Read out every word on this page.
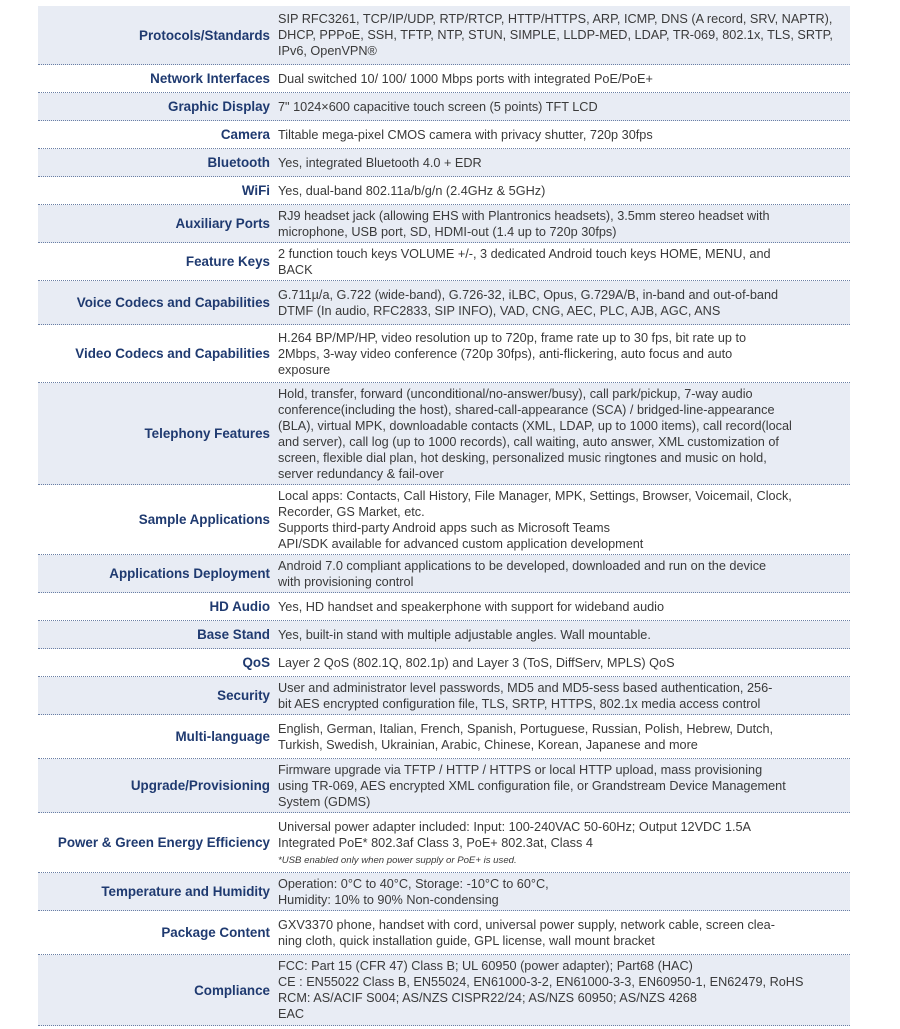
Protocols/Standards
SIP RFC3261, TCP/IP/UDP, RTP/RTCP, HTTP/HTTPS, ARP, ICMP, DNS (A record, SRV, NAPTR),
DHCP, PPPoE, SSH, TFTP, NTP, STUN, SIMPLE, LLDP-MED, LDAP, TR-069, 802.1x, TLS, SRTP,
IPv6, OpenVPN®
Network Interfaces Dual switched 10/ 100/ 1000 Mbps ports with integrated PoE/PoE+
Graphic Display 7" 1024×600 capacitive touch screen (5 points) TFT LCD
Camera Tiltable mega-pixel CMOS camera with privacy shutter, 720p 30fps
Bluetooth Yes, integrated Bluetooth 4.0 + EDR
WiFi Yes, dual-band 802.11a/b/g/n (2.4GHz & 5GHz)
Auxiliary Ports
RJ9 headset jack (allowing EHS with Plantronics headsets), 3.5mm stereo headset with
microphone, USB port, SD, HDMI-out (1.4 up to 720p 30fps)
Feature Keys
2 function touch keys VOLUME +/-, 3 dedicated Android touch keys HOME, MENU, and
BACK
Voice Codecs and Capabilities
G.711µ/a, G.722 (wide-band), G.726-32, iLBC, Opus, G.729A/B, in-band and out-of-band
DTMF (In audio, RFC2833, SIP INFO), VAD, CNG, AEC, PLC, AJB, AGC, ANS
Video Codecs and Capabilities
H.264 BP/MP/HP, video resolution up to 720p, frame rate up to 30 fps, bit rate up to
2Mbps, 3-way video conference (720p 30fps), anti-flickering, auto focus and auto
exposure
Telephony Features
Hold, transfer, forward (unconditional/no-answer/busy), call park/pickup, 7-way audio
conference(including the host), shared-call-appearance (SCA) / bridged-line-appearance
(BLA), virtual MPK, downloadable contacts (XML, LDAP, up to 1000 items), call record(local
and server), call log (up to 1000 records), call waiting, auto answer, XML customization of
screen, flexible dial plan, hot desking, personalized music ringtones and music on hold,
server redundancy & fail-over
Sample Applications
Local apps: Contacts, Call History, File Manager, MPK, Settings, Browser, Voicemail, Clock,
Recorder, GS Market, etc.
Supports third-party Android apps such as Microsoft Teams
API/SDK available for advanced custom application development
Applications Deployment
Android 7.0 compliant applications to be developed, downloaded and run on the device
with provisioning control
HD Audio Yes, HD handset and speakerphone with support for wideband audio
Base Stand Yes, built-in stand with multiple adjustable angles. Wall mountable.
QoS Layer 2 QoS (802.1Q, 802.1p) and Layer 3 (ToS, DiffServ, MPLS) QoS
Security
User and administrator level passwords, MD5 and MD5-sess based authentication, 256-
bit AES encrypted configuration file, TLS, SRTP, HTTPS, 802.1x media access control
Multi-language
English, German, Italian, French, Spanish, Portuguese, Russian, Polish, Hebrew, Dutch,
Turkish, Swedish, Ukrainian, Arabic, Chinese, Korean, Japanese and more
Upgrade/Provisioning
Firmware upgrade via TFTP / HTTP / HTTPS or local HTTP upload, mass provisioning
using TR-069, AES encrypted XML configuration file, or Grandstream Device Management
System (GDMS)
Power & Green Energy Efficiency
Universal power adapter included: Input: 100-240VAC 50-60Hz; Output 12VDC 1.5A
Integrated PoE* 802.3af Class 3, PoE+ 802.3at, Class 4
*USB enabled only when power supply or PoE+ is used.
Temperature and Humidity
Operation: 0°C to 40°C, Storage: -10°C to 60°C,
Humidity: 10% to 90% Non-condensing
Package Content
GXV3370 phone, handset with cord, universal power supply, network cable, screen clea-
ning cloth, quick installation guide, GPL license, wall mount bracket
Compliance
FCC: Part 15 (CFR 47) Class B; UL 60950 (power adapter); Part68 (HAC)
CE : EN55022 Class B, EN55024, EN61000-3-2, EN61000-3-3, EN60950-1, EN62479, RoHS
RCM: AS/ACIF S004; AS/NZS CISPR22/24; AS/NZS 60950; AS/NZS 4268
EAC
